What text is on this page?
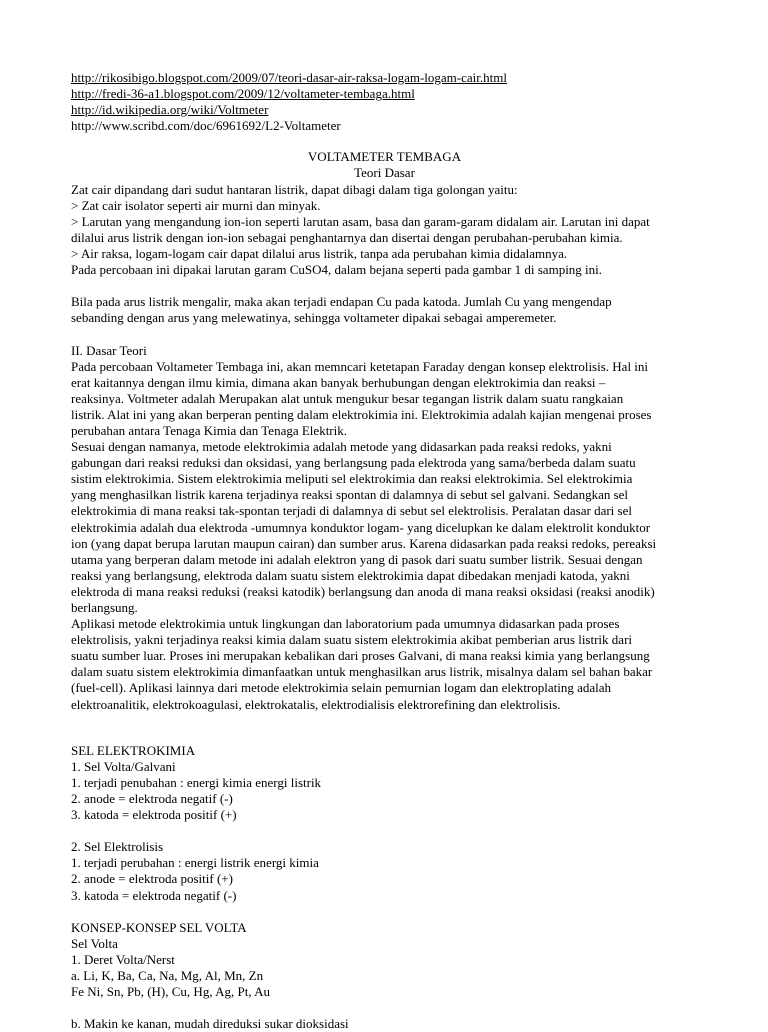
http://rikosibigo.blogspot.com/2009/07/teori-dasar-air-raksa-logam-logam-cair.html
http://fredi-36-a1.blogspot.com/2009/12/voltameter-tembaga.html
http://id.wikipedia.org/wiki/Voltmeter
http://www.scribd.com/doc/6961692/L2-Voltameter
VOLTAMETER TEMBAGA
Teori Dasar
Zat cair dipandang dari sudut hantaran listrik, dapat dibagi dalam tiga golongan yaitu:
> Zat cair isolator seperti air murni dan minyak.
> Larutan yang mengandung ion-ion seperti larutan asam, basa dan garam-garam didalam air. Larutan ini dapat
dilalui arus listrik dengan ion-ion sebagai penghantarnya dan disertai dengan perubahan-perubahan kimia.
> Air raksa, logam-logam cair dapat dilalui arus listrik, tanpa ada perubahan kimia didalamnya.
Pada percobaan ini dipakai larutan garam CuSO4, dalam bejana seperti pada gambar 1 di samping ini.
Bila pada arus listrik mengalir, maka akan terjadi endapan Cu pada katoda. Jumlah Cu yang mengendap
sebanding dengan arus yang melewatinya, sehingga voltameter dipakai sebagai amperemeter.
II. Dasar Teori
Pada percobaan Voltameter Tembaga ini, akan memncari ketetapan Faraday dengan konsep elektrolisis. Hal ini
erat kaitannya dengan ilmu kimia, dimana akan banyak berhubungan dengan elektrokimia dan reaksi –
reaksinya. Voltmeter adalah Merupakan alat untuk mengukur besar tegangan listrik dalam suatu rangkaian
listrik. Alat ini yang akan berperan penting dalam elektrokimia ini. Elektrokimia adalah kajian mengenai proses
perubahan antara Tenaga Kimia dan Tenaga Elektrik.
Sesuai dengan namanya, metode elektrokimia adalah metode yang didasarkan pada reaksi redoks, yakni
gabungan dari reaksi reduksi dan oksidasi, yang berlangsung pada elektroda yang sama/berbeda dalam suatu
sistim elektrokimia. Sistem elektrokimia meliputi sel elektrokimia dan reaksi elektrokimia. Sel elektrokimia
yang menghasilkan listrik karena terjadinya reaksi spontan di dalamnya di sebut sel galvani. Sedangkan sel
elektrokimia di mana reaksi tak-spontan terjadi di dalamnya di sebut sel elektrolisis. Peralatan dasar dari sel
elektrokimia adalah dua elektroda -umumnya konduktor logam- yang dicelupkan ke dalam elektrolit konduktor
ion (yang dapat berupa larutan maupun cairan) dan sumber arus. Karena didasarkan pada reaksi redoks, pereaksi
utama yang berperan dalam metode ini adalah elektron yang di pasok dari suatu sumber listrik. Sesuai dengan
reaksi yang berlangsung, elektroda dalam suatu sistem elektrokimia dapat dibedakan menjadi katoda, yakni
elektroda di mana reaksi reduksi (reaksi katodik) berlangsung dan anoda di mana reaksi oksidasi (reaksi anodik)
berlangsung.
Aplikasi metode elektrokimia untuk lingkungan dan laboratorium pada umumnya didasarkan pada proses
elektrolisis, yakni terjadinya reaksi kimia dalam suatu sistem elektrokimia akibat pemberian arus listrik dari
suatu sumber luar. Proses ini merupakan kebalikan dari proses Galvani, di mana reaksi kimia yang berlangsung
dalam suatu sistem elektrokimia dimanfaatkan untuk menghasilkan arus listrik, misalnya dalam sel bahan bakar
(fuel-cell). Aplikasi lainnya dari metode elektrokimia selain pemurnian logam dan elektroplating adalah
elektroanalitik, elektrokoagulasi, elektrokatalis, elektrodialisis elektrorefining dan elektrolisis.
SEL ELEKTROKIMIA
1. Sel Volta/Galvani
1. terjadi penubahan : energi kimia energi listrik
2. anode = elektroda negatif (-)
3. katoda = elektroda positif (+)
2. Sel Elektrolisis
1. terjadi perubahan : energi listrik energi kimia
2. anode = elektroda positif (+)
3. katoda = elektroda negatif (-)
KONSEP-KONSEP SEL VOLTA
Sel Volta
1. Deret Volta/Nerst
a. Li, K, Ba, Ca, Na, Mg, Al, Mn, Zn
Fe Ni, Sn, Pb, (H), Cu, Hg, Ag, Pt, Au
b. Makin ke kanan, mudah direduksi sukar dioksidasi
